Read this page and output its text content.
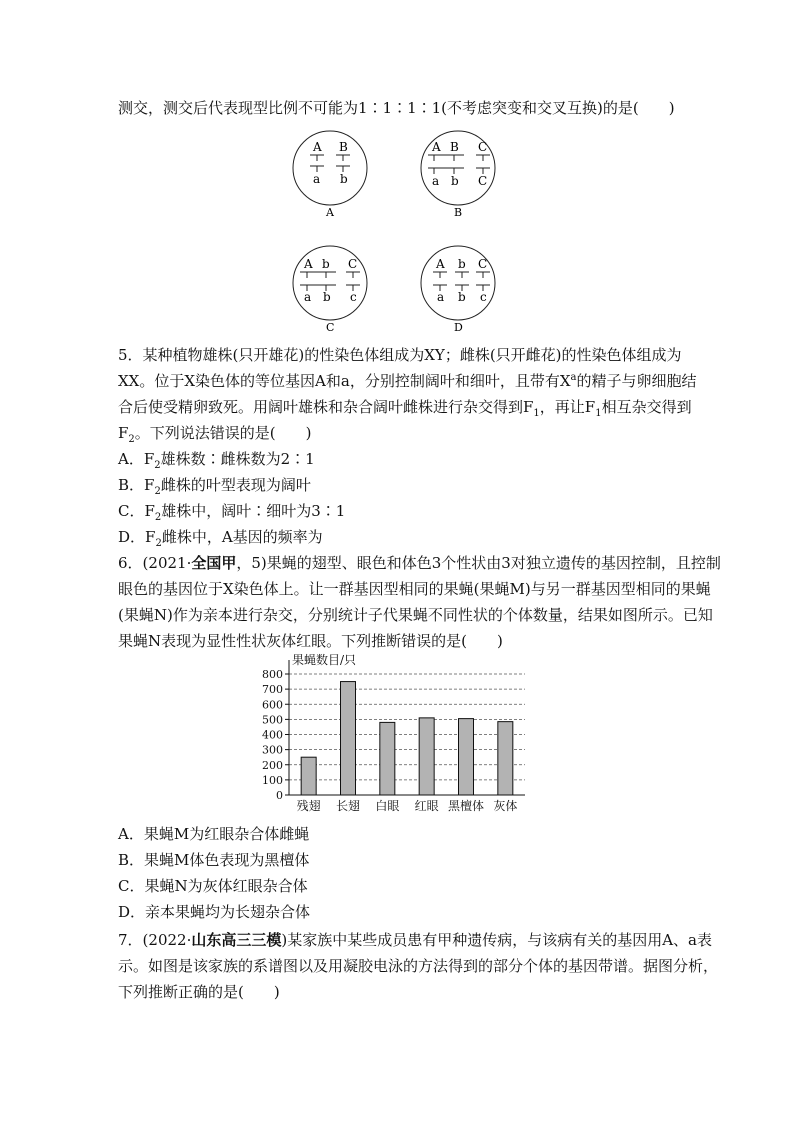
测交，测交后代表现型比例不可能为1∶1∶1∶1(不考虑突变和交叉互换)的是(　　)
A B
a b
A
A B C
a b C
B
A b C
a b c
C
A b C
a b c
D
5．某种植物雄株(只开雄花)的性染色体组成为XY；雌株(只开雌花)的性染色体组成为
XX。位于X染色体的等位基因A和a，分别控制阔叶和细叶，且带有$X^a$的精子与卵细胞结
合后使受精卵致死。用阔叶雄株和杂合阔叶雌株进行杂交得到$F_1$，再让$F_1$相互杂交得到
$F_2$。下列说法错误的是(　　)
A．$F_2$雄株数∶雌株数为2∶1
B．$F_2$雌株的叶型表现为阔叶
C．$F_2$雄株中，阔叶∶细叶为3∶1
D．$F_2$雌株中，A基因的频率为
6．(2021·全国甲，5)果蝇的翅型、眼色和体色3个性状由3对独立遗传的基因控制，且控制
眼色的基因位于X染色体上。让一群基因型相同的果蝇(果蝇M)与另一群基因型相同的果蝇
(果蝇N)作为亲本进行杂交，分别统计子代果蝇不同性状的个体数量，结果如图所示。已知
果蝇N表现为显性性状灰体红眼。下列推断错误的是(　　)
0
100
200
300
400
500
600
700
800
果蝇数目/只
残翅 长翅 白眼 红眼 黑檀体 灰体
A．果蝇M为红眼杂合体雌蝇
B．果蝇M体色表现为黑檀体
C．果蝇N为灰体红眼杂合体
D．亲本果蝇均为长翅杂合体
7．(2022·山东高三三模)某家族中某些成员患有甲种遗传病，与该病有关的基因用A、a表
示。如图是该家族的系谱图以及用凝胶电泳的方法得到的部分个体的基因带谱。据图分析，
下列推断正确的是(　　)
